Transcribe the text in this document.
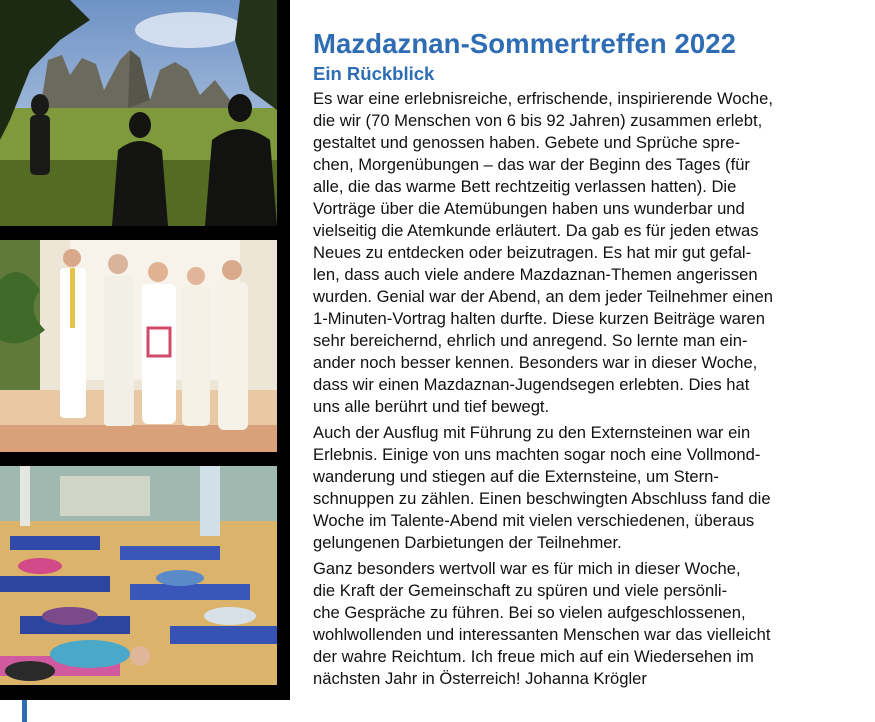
Mazdaznan-Sommertreffen 2022
Ein Rückblick

Es war eine erlebnisreiche, erfrischende, inspirierende Woche,
die wir (70 Menschen von 6 bis 92 Jahren) zusammen erlebt,
gestaltet und genossen haben. Gebete und Sprüche spre-
chen, Morgenübungen – das war der Beginn des Tages (für
alle, die das warme Bett rechtzeitig verlassen hatten). Die
Vorträge über die Atemübungen haben uns wunderbar und
vielseitig die Atemkunde erläutert. Da gab es für jeden etwas
Neues zu entdecken oder beizutragen. Es hat mir gut gefal-
len, dass auch viele andere Mazdaznan-Themen angerissen
wurden. Genial war der Abend, an dem jeder Teilnehmer einen
1-Minuten-Vortrag halten durfte. Diese kurzen Beiträge waren
sehr bereichernd, ehrlich und anregend. So lernte man ein-
ander noch besser kennen. Besonders war in dieser Woche,
dass wir einen Mazdaznan-Jugendsegen erlebten. Dies hat
uns alle berührt und tief bewegt.

Auch der Ausflug mit Führung zu den Externsteinen war ein
Erlebnis. Einige von uns machten sogar noch eine Vollmond-
wanderung und stiegen auf die Externsteine, um Stern-
schnuppen zu zählen. Einen beschwingten Abschluss fand die
Woche im Talente-Abend mit vielen verschiedenen, überaus
gelungenen Darbietungen der Teilnehmer.

Ganz besonders wertvoll war es für mich in dieser Woche,
die Kraft der Gemeinschaft zu spüren und viele persönli-
che Gespräche zu führen. Bei so vielen aufgeschlossenen,
wohlwollenden und interessanten Menschen war das vielleicht
der wahre Reichtum. Ich freue mich auf ein Wiedersehen im
nächsten Jahr in Österreich! Johanna Krögler
